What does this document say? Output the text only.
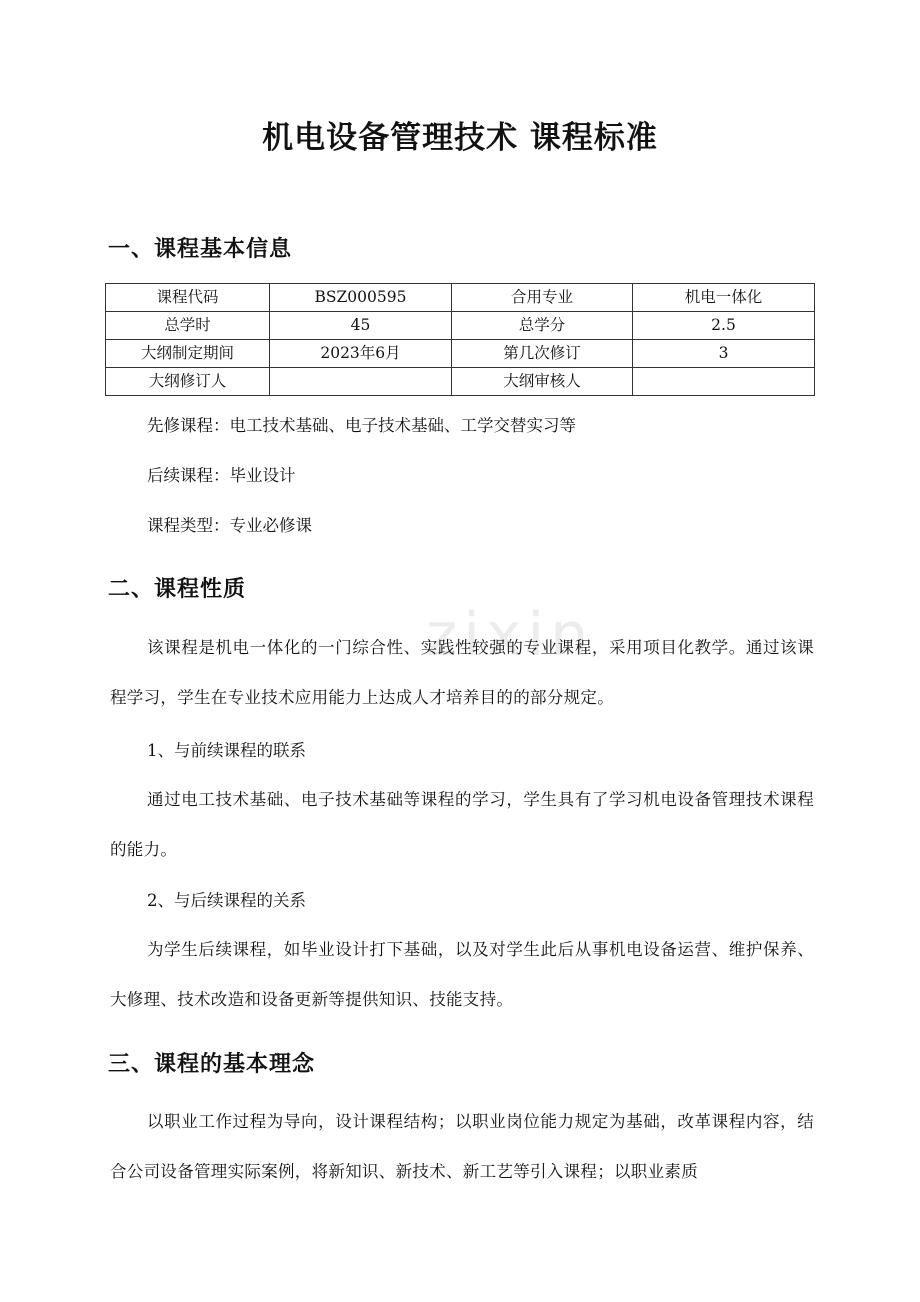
zixin
机电设备管理技术 课程标准
一、课程基本信息
课程代码	BSZ000595	合用专业	机电一体化
总学时	45	总学分	2.5
大纲制定期间	2023年6月	第几次修订	3
大纲修订人		大纲审核人	

先修课程：电工技术基础、电子技术基础、工学交替实习等

后续课程：毕业设计

课程类型：专业必修课

二、课程性质

该课程是机电一体化的一门综合性、实践性较强的专业课程，采用项目化教学。通过该课程学习，学生在专业技术应用能力上达成人才培养目的的部分规定。

1、与前续课程的联系

通过电工技术基础、电子技术基础等课程的学习，学生具有了学习机电设备管理技术课程的能力。

2、与后续课程的关系

为学生后续课程，如毕业设计打下基础，以及对学生此后从事机电设备运营、维护保养、大修理、技术改造和设备更新等提供知识、技能支持。

三、课程的基本理念

以职业工作过程为导向，设计课程结构；以职业岗位能力规定为基础，改革课程内容，结合公司设备管理实际案例，将新知识、新技术、新工艺等引入课程；以职业素质
